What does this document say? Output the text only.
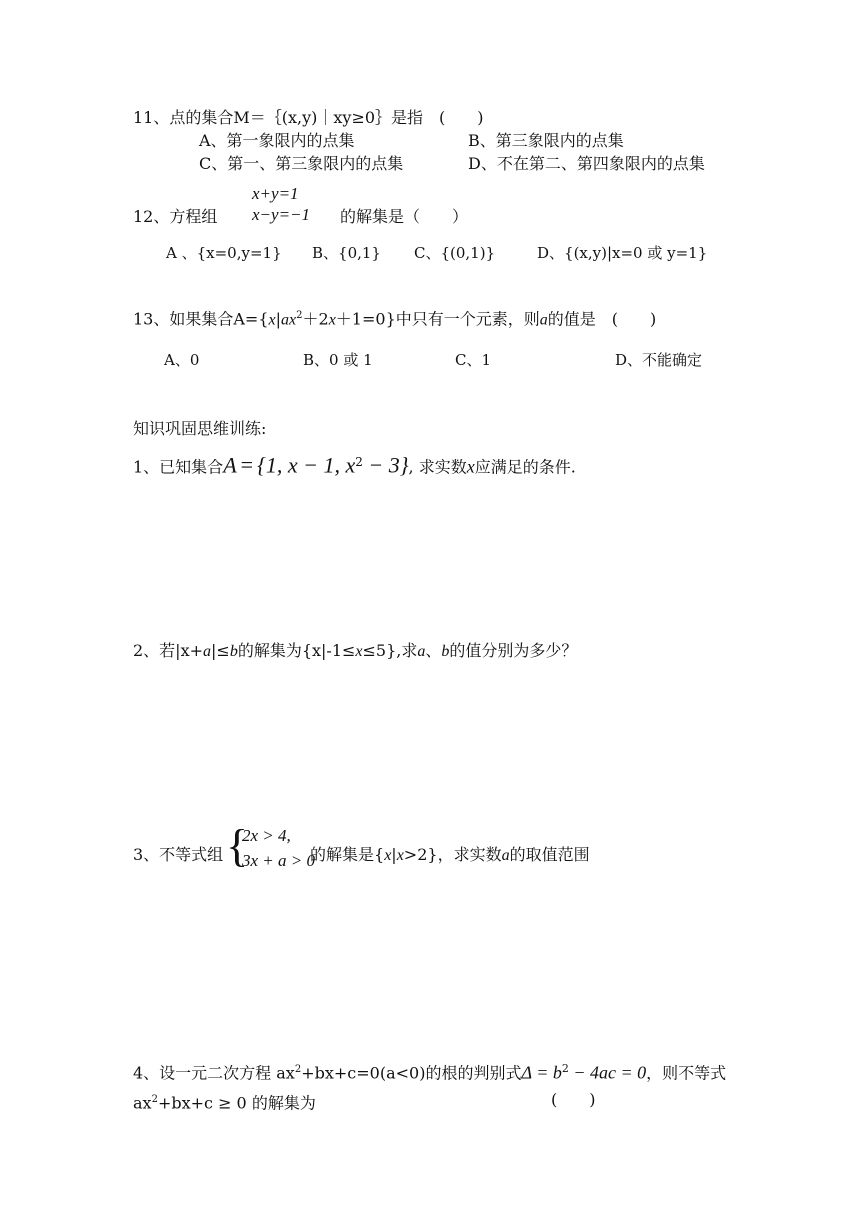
11、点的集合M＝｛(x,y)｜xy≥0｝是指　(　　)
A、第一象限内的点集	B、第三象限内的点集
C、第一、第三象限内的点集	D、不在第二、第四象限内的点集
x+y=1
12、方程组 x−y=−1 的解集是（　　）
A 、{x=0,y=1} B、{0,1} C、{(0,1)}	D、{(x,y)|x=0 或 y=1}
13、如果集合$A=\{x|ax^2+2x+1=0\}$中只有一个元素，则a的值是　(　　)
A、0	B、0 或 1	C、1	D、不能确定
知识巩固思维训练:
1、已知集合A = {1, x − 1, $x^2 - 3$}, 求实数x应满足的条件.
2、若|x+a|≤b的解集为{x|-1≤x≤5},求a、b的值分别为多少？
3、不等式组 {
2x > 4,
3x + a > 0
的解集是{x|x>2}，求实数a的取值范围
4、设一元二次方程 $ax^2+bx+c=0(a<0)$的根的判别式$\Delta = b^2 - 4ac = 0$，则不等式
$ax^2+bx+c \ge 0$ 的解集为	(　　)
